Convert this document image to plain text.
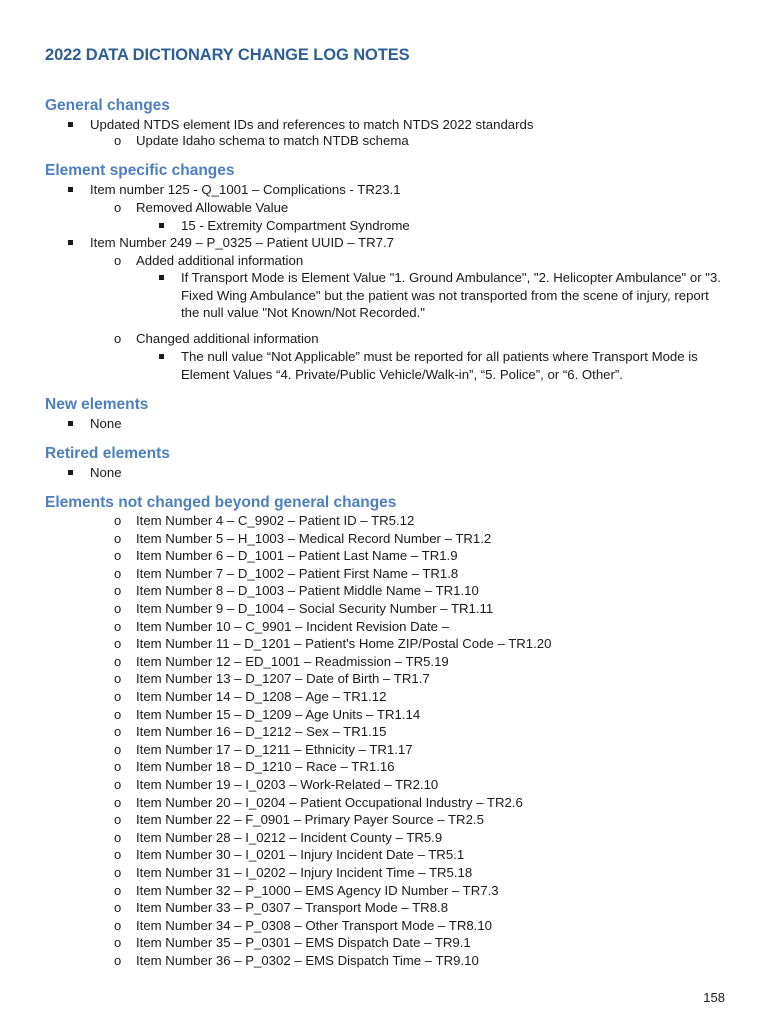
2022 DATA DICTIONARY CHANGE LOG NOTES
General changes
Updated NTDS element IDs and references to match NTDS 2022 standards
o Update Idaho schema to match NTDB schema
Element specific changes
Item number 125 - Q_1001 – Complications - TR23.1
o Removed Allowable Value
15 - Extremity Compartment Syndrome
Item Number 249 – P_0325 – Patient UUID – TR7.7
o Added additional information
If Transport Mode is Element Value "1. Ground Ambulance", "2. Helicopter Ambulance" or "3. Fixed Wing Ambulance" but the patient was not transported from the scene of injury, report the null value "Not Known/Not Recorded."
o Changed additional information
The null value “Not Applicable” must be reported for all patients where Transport Mode is Element Values “4. Private/Public Vehicle/Walk-in”, “5. Police”, or “6. Other”.
New elements
None
Retired elements
None
Elements not changed beyond general changes
o Item Number 4 – C_9902 – Patient ID – TR5.12
o Item Number 5 – H_1003 – Medical Record Number – TR1.2
o Item Number 6 – D_1001 – Patient Last Name – TR1.9
o Item Number 7 – D_1002 – Patient First Name – TR1.8
o Item Number 8 – D_1003 – Patient Middle Name – TR1.10
o Item Number 9 – D_1004 – Social Security Number – TR1.11
o Item Number 10 – C_9901 – Incident Revision Date –
o Item Number 11 – D_1201 – Patient's Home ZIP/Postal Code – TR1.20
o Item Number 12 – ED_1001 – Readmission – TR5.19
o Item Number 13 – D_1207 – Date of Birth – TR1.7
o Item Number 14 – D_1208 – Age – TR1.12
o Item Number 15 – D_1209 – Age Units – TR1.14
o Item Number 16 – D_1212 – Sex – TR1.15
o Item Number 17 – D_1211 – Ethnicity – TR1.17
o Item Number 18 – D_1210 – Race – TR1.16
o Item Number 19 – I_0203 – Work-Related – TR2.10
o Item Number 20 – I_0204 – Patient Occupational Industry – TR2.6
o Item Number 22 – F_0901 – Primary Payer Source – TR2.5
o Item Number 28 – I_0212 – Incident County – TR5.9
o Item Number 30 – I_0201 – Injury Incident Date – TR5.1
o Item Number 31 – I_0202 – Injury Incident Time – TR5.18
o Item Number 32 – P_1000 – EMS Agency ID Number – TR7.3
o Item Number 33 – P_0307 – Transport Mode – TR8.8
o Item Number 34 – P_0308 – Other Transport Mode – TR8.10
o Item Number 35 – P_0301 – EMS Dispatch Date – TR9.1
o Item Number 36 – P_0302 – EMS Dispatch Time – TR9.10
158
